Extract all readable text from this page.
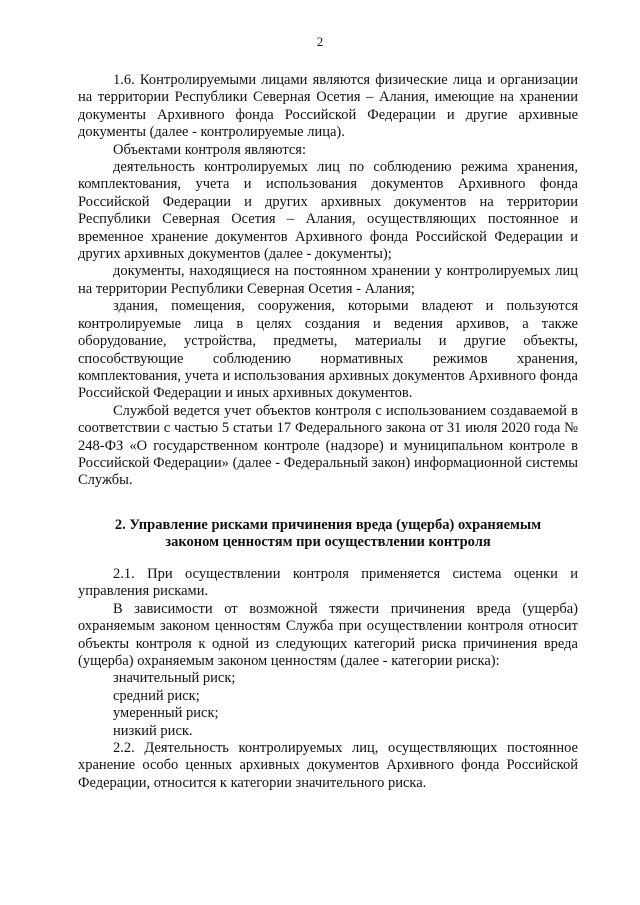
2

1.6. Контролируемыми лицами являются физические лица и организации на территории Республики Северная Осетия – Алания, имеющие на хранении документы Архивного фонда Российской Федерации и другие архивные документы (далее - контролируемые лица).

Объектами контроля являются:

деятельность контролируемых лиц по соблюдению режима хранения, комплектования, учета и использования документов Архивного фонда Российской Федерации и других архивных документов на территории Республики Северная Осетия – Алания, осуществляющих постоянное и временное хранение документов Архивного фонда Российской Федерации и других архивных документов (далее - документы);

документы, находящиеся на постоянном хранении у контролируемых лиц на территории Республики Северная Осетия - Алания;

здания, помещения, сооружения, которыми владеют и пользуются контролируемые лица в целях создания и ведения архивов, а также оборудование, устройства, предметы, материалы и другие объекты, способствующие соблюдению нормативных режимов хранения, комплектования, учета и использования архивных документов Архивного фонда Российской Федерации и иных архивных документов.

Службой ведется учет объектов контроля с использованием создаваемой в соответствии с частью 5 статьи 17 Федерального закона от 31 июля 2020 года № 248-ФЗ «О государственном контроле (надзоре) и муниципальном контроле в Российской Федерации» (далее - Федеральный закон) информационной системы Службы.

2. Управление рисками причинения вреда (ущерба) охраняемым
законом ценностям при осуществлении контроля

2.1. При осуществлении контроля применяется система оценки и управления рисками.

В зависимости от возможной тяжести причинения вреда (ущерба) охраняемым законом ценностям Служба при осуществлении контроля относит объекты контроля к одной из следующих категорий риска причинения вреда (ущерба) охраняемым законом ценностям (далее - категории риска):

значительный риск;

средний риск;

умеренный риск;

низкий риск.

2.2. Деятельность контролируемых лиц, осуществляющих постоянное хранение особо ценных архивных документов Архивного фонда Российской Федерации, относится к категории значительного риска.
